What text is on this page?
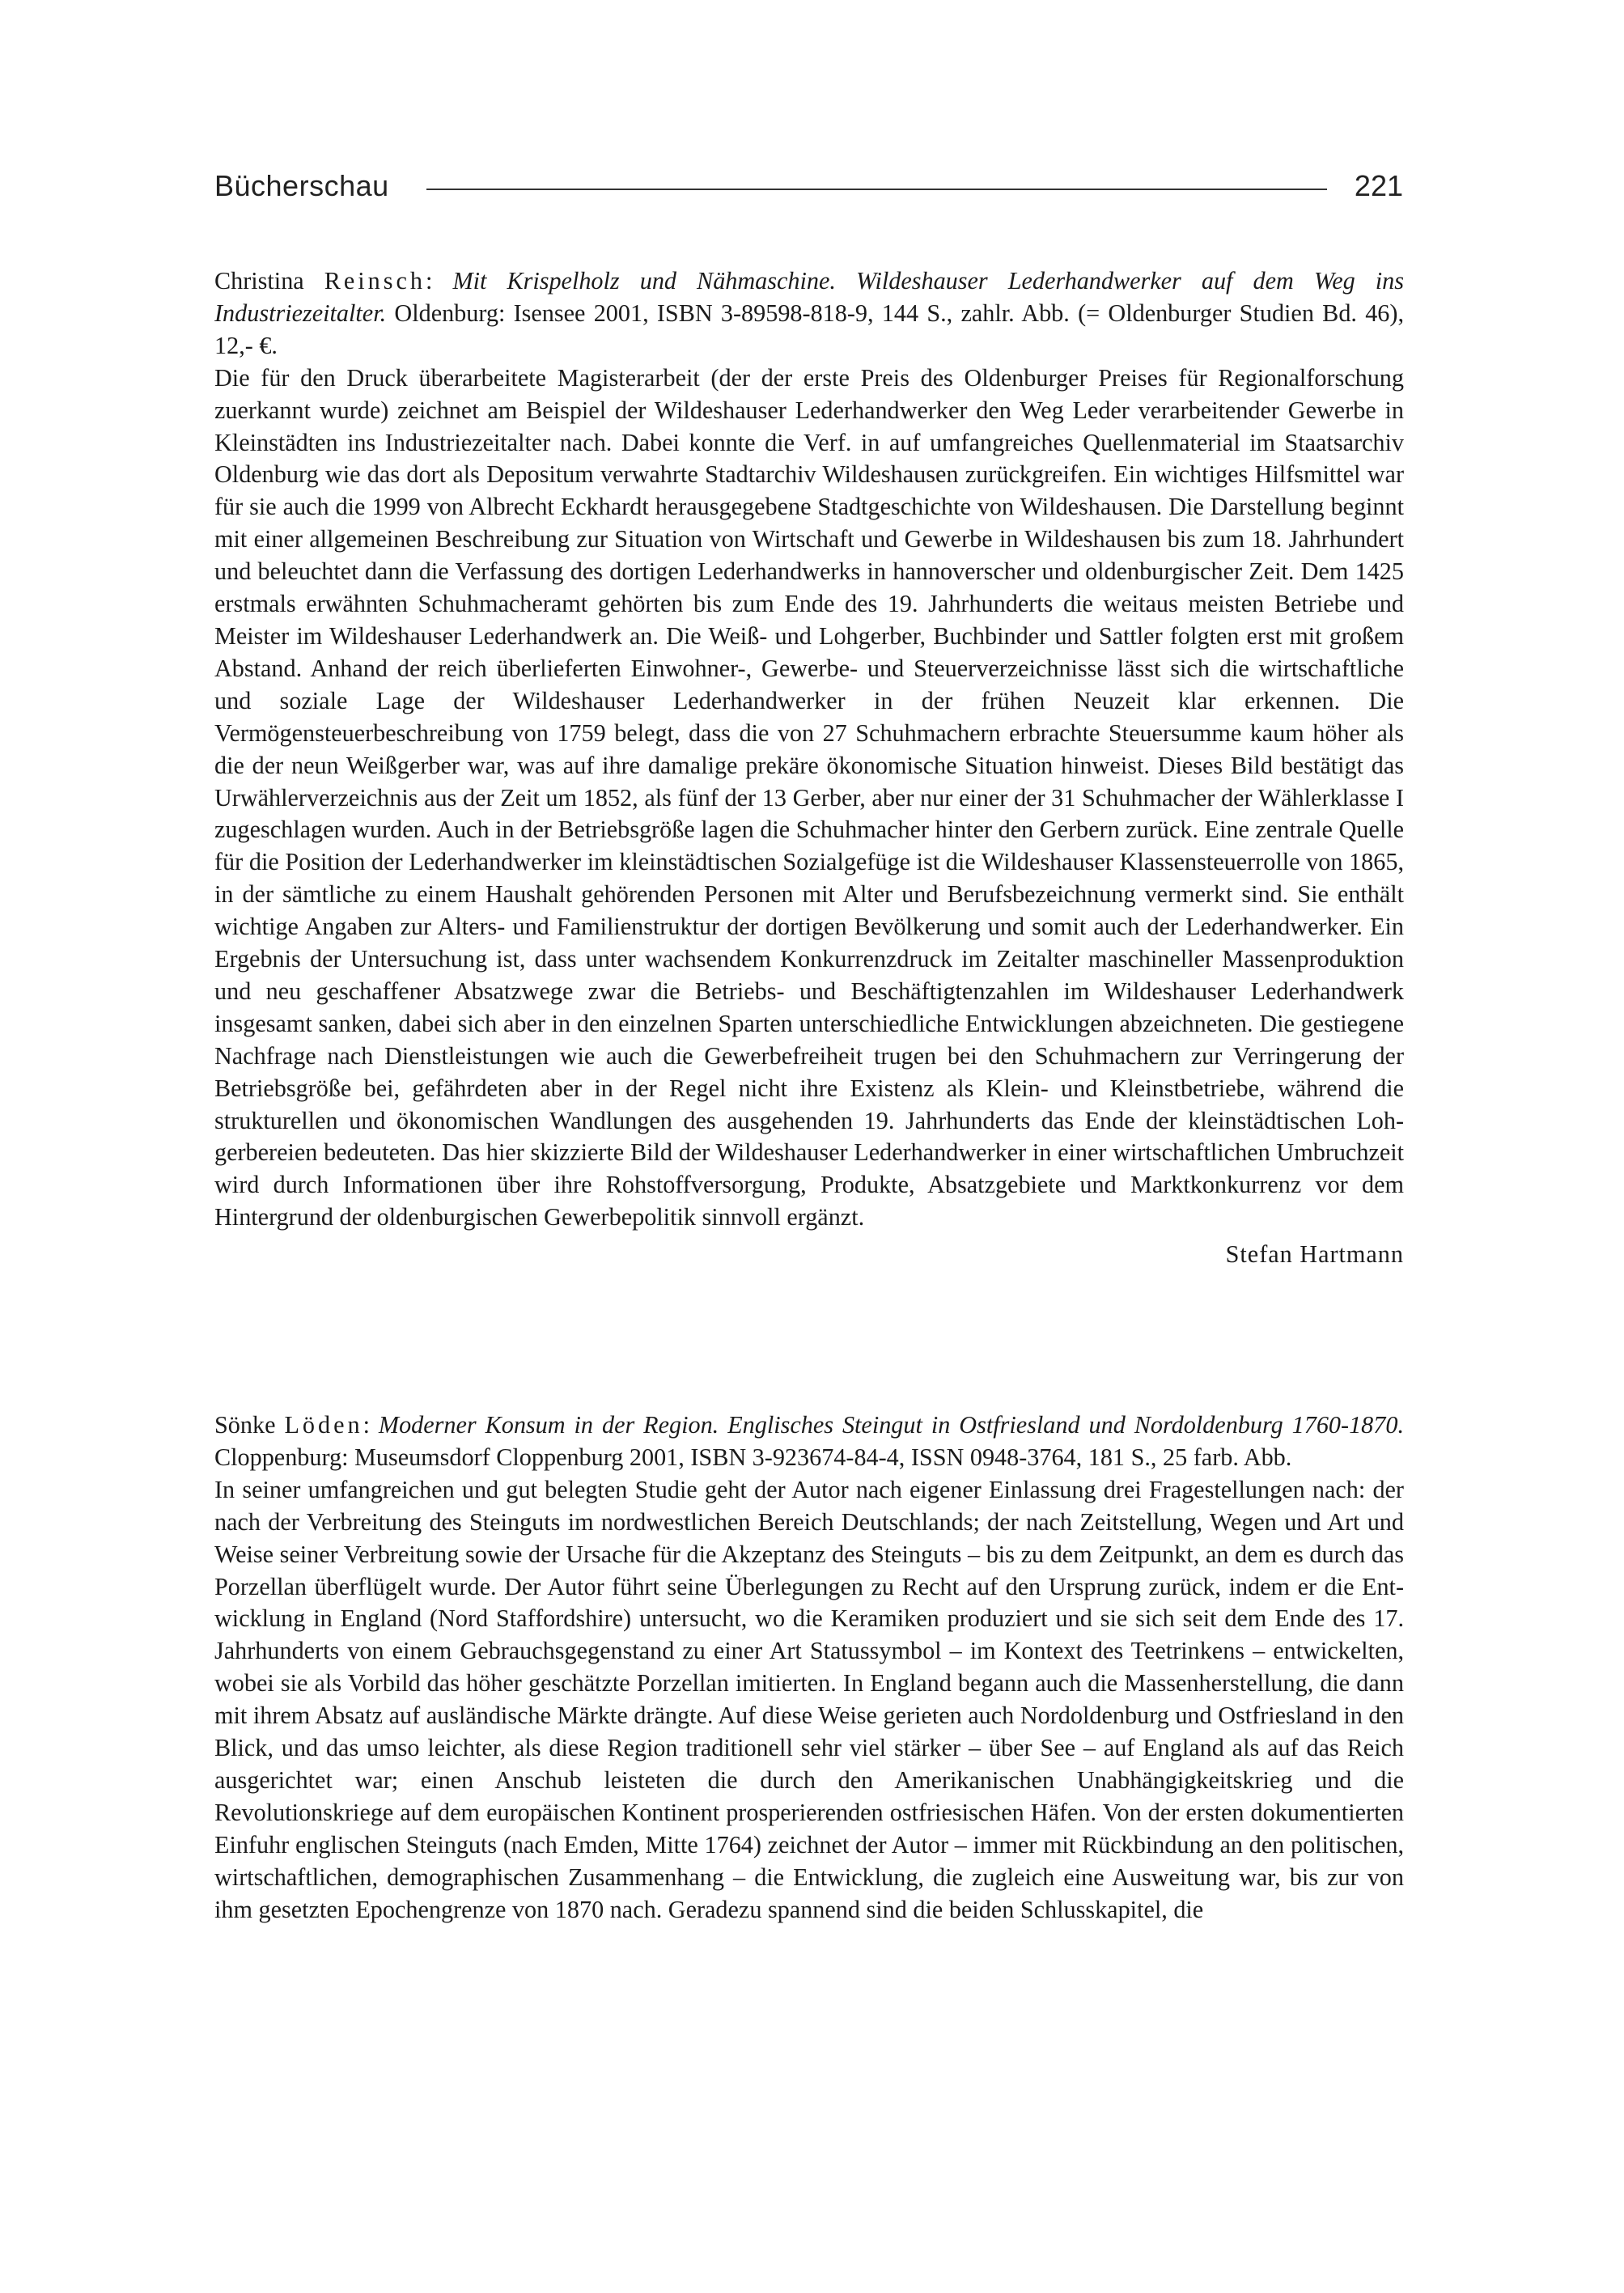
Bücherschau	221

Christina Reinsch: Mit Krispelholz und Nähmaschine. Wildeshauser Lederhandwerker auf dem Weg ins Industriezeitalter. Oldenburg: Isensee 2001, ISBN 3-89598-818-9, 144 S., zahlr. Abb. (= Oldenburger Studien Bd. 46), 12,- €.

Die für den Druck überarbeitete Magisterarbeit (der der erste Preis des Oldenburger Preises für Regionalforschung zuerkannt wurde) zeichnet am Beispiel der Wildeshauser Lederhandwerker den Weg Leder verarbeitender Gewerbe in Kleinstädten ins Industriezeitalter nach. Dabei konnte die Verf. in auf umfangreiches Quellenmaterial im Staatsarchiv Oldenburg wie das dort als Depositum verwahrte Stadtarchiv Wildeshausen zurückgreifen. Ein wichtiges Hilfsmittel war für sie auch die 1999 von Albrecht Eckhardt herausgegebene Stadtgeschichte von Wildeshausen. Die Darstellung beginnt mit einer allgemeinen Beschreibung zur Situation von Wirtschaft und Gewerbe in Wildeshausen bis zum 18. Jahrhundert und beleuchtet dann die Verfassung des dortigen Lederhandwerks in hannoverscher und oldenburgischer Zeit. Dem 1425 erstmals erwähnten Schuhmacheramt gehörten bis zum Ende des 19. Jahrhunderts die weitaus meisten Betriebe und Meister im Wildeshauser Lederhandwerk an. Die Weiß- und Lohgerber, Buchbinder und Sattler folgten erst mit großem Abstand. Anhand der reich überlieferten Einwohner-, Gewerbe- und Steuerverzeichnisse lässt sich die wirtschaftliche und soziale Lage der Wildeshauser Lederhandwerker in der frühen Neuzeit klar erkennen. Die Vermögensteuerbeschreibung von 1759 belegt, dass die von 27 Schuhmachern erbrachte Steuersumme kaum höher als die der neun Weißgerber war, was auf ihre damalige prekäre ökonomische Situation hinweist. Dieses Bild bestätigt das Urwählerverzeichnis aus der Zeit um 1852, als fünf der 13 Gerber, aber nur einer der 31 Schuhmacher der Wählerklasse I zugeschlagen wurden. Auch in der Betriebsgröße lagen die Schuhmacher hinter den Gerbern zurück. Eine zentrale Quelle für die Position der Lederhandwerker im kleinstädtischen Sozialgefüge ist die Wildeshauser Klassensteuerrolle von 1865, in der sämtliche zu einem Haushalt gehörenden Personen mit Alter und Berufsbezeichnung vermerkt sind. Sie enthält wichtige Angaben zur Alters- und Familienstruktur der dortigen Bevölkerung und somit auch der Lederhandwerker. Ein Ergebnis der Untersuchung ist, dass unter wachsendem Konkurrenzdruck im Zeitalter maschineller Massenproduktion und neu geschaffener Absatzwege zwar die Betriebs- und Beschäftigtenzahlen im Wildeshauser Lederhandwerk insgesamt sanken, dabei sich aber in den einzelnen Sparten unterschiedliche Entwicklungen abzeichneten. Die gestiegene Nachfrage nach Dienstleistungen wie auch die Gewerbefreiheit trugen bei den Schuhmachern zur Verringerung der Betriebsgröße bei, gefährdeten aber in der Regel nicht ihre Existenz als Klein- und Kleinstbetriebe, während die strukturellen und ökonomischen Wandlungen des ausgehenden 19. Jahrhunderts das Ende der kleinstädtischen Lohgerbereien bedeuteten. Das hier skizzierte Bild der Wildeshauser Lederhandwerker in einer wirtschaftlichen Umbruchzeit wird durch Informationen über ihre Rohstoffversorgung, Produkte, Absatzgebiete und Marktkonkurrenz vor dem Hintergrund der oldenburgischen Gewerbepolitik sinnvoll ergänzt.

Stefan Hartmann

Sönke Löden: Moderner Konsum in der Region. Englisches Steingut in Ostfriesland und Nordoldenburg 1760-1870. Cloppenburg: Museumsdorf Cloppenburg 2001, ISBN 3-923674-84-4, ISSN 0948-3764, 181 S., 25 farb. Abb.

In seiner umfangreichen und gut belegten Studie geht der Autor nach eigener Einlassung drei Fragestellungen nach: der nach der Verbreitung des Steinguts im nordwestlichen Bereich Deutschlands; der nach Zeitstellung, Wegen und Art und Weise seiner Verbreitung sowie der Ursache für die Akzeptanz des Steinguts – bis zu dem Zeitpunkt, an dem es durch das Porzellan überflügelt wurde. Der Autor führt seine Überlegungen zu Recht auf den Ursprung zurück, indem er die Entwicklung in England (Nord Staffordshire) untersucht, wo die Keramiken produziert und sie sich seit dem Ende des 17. Jahrhunderts von einem Gebrauchsgegenstand zu einer Art Statussymbol – im Kontext des Teetrinkens – entwickelten, wobei sie als Vorbild das höher geschätzte Porzellan imitierten. In England begann auch die Massenherstellung, die dann mit ihrem Absatz auf ausländische Märkte drängte. Auf diese Weise gerieten auch Nordoldenburg und Ostfriesland in den Blick, und das umso leichter, als diese Region traditionell sehr viel stärker – über See – auf England als auf das Reich ausgerichtet war; einen Anschub leisteten die durch den Amerikanischen Unabhängigkeitskrieg und die Revolutionskriege auf dem europäischen Kontinent prosperierenden ostfriesischen Häfen. Von der ersten dokumentierten Einfuhr englischen Steinguts (nach Emden, Mitte 1764) zeichnet der Autor – immer mit Rückbindung an den politischen, wirtschaftlichen, demographischen Zusammenhang – die Entwicklung, die zugleich eine Ausweitung war, bis zur von ihm gesetzten Epochengrenze von 1870 nach. Geradezu spannend sind die beiden Schlusskapitel, die
